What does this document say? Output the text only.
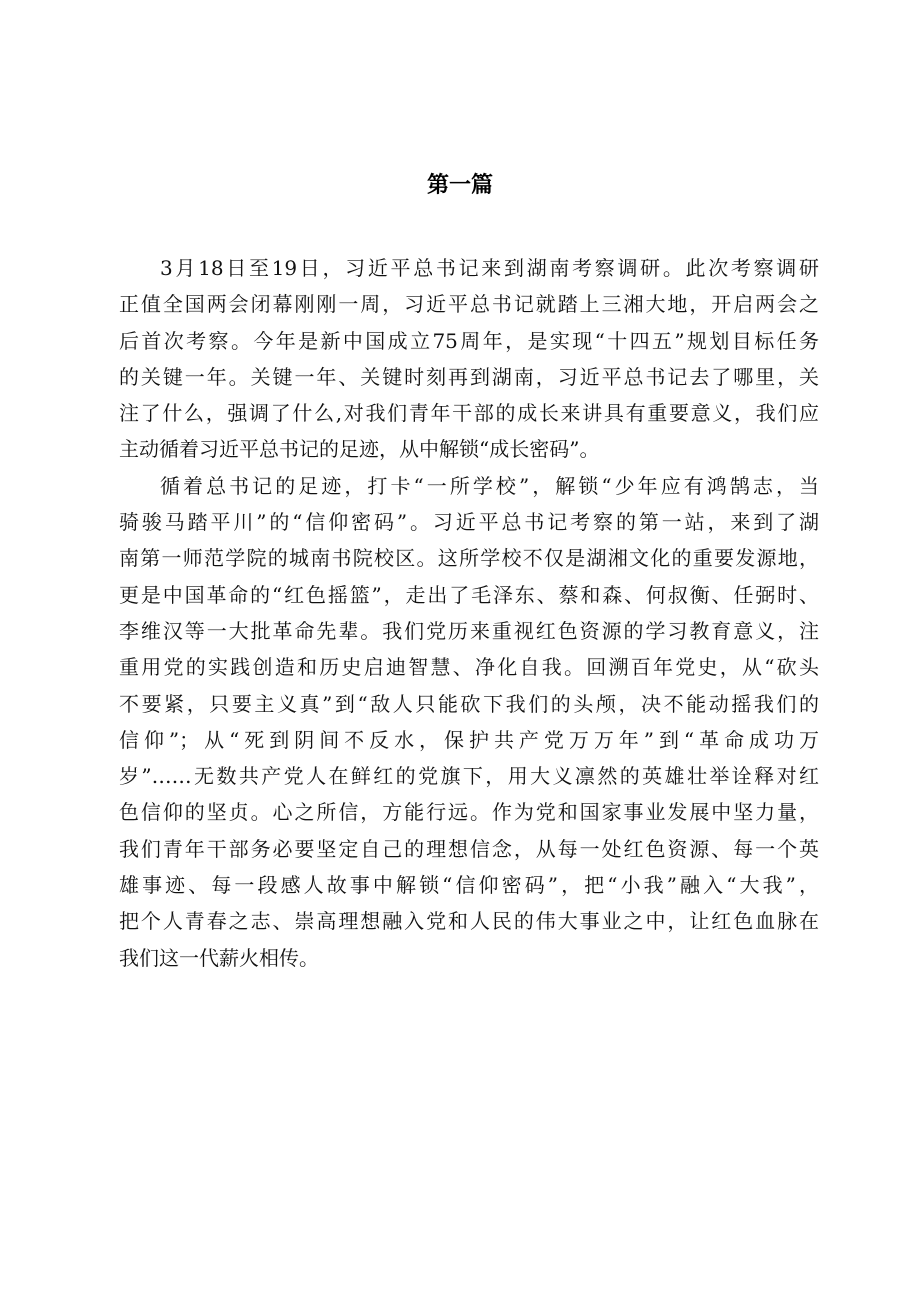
第一篇
3月18日至19日，习近平总书记来到湖南考察调研。此次考察调研
正值全国两会闭幕刚刚一周，习近平总书记就踏上三湘大地，开启两会之
后首次考察。今年是新中国成立75周年，是实现“十四五”规划目标任务
的关键一年。关键一年、关键时刻再到湖南，习近平总书记去了哪里，关
注了什么，强调了什么,对我们青年干部的成长来讲具有重要意义，我们应
主动循着习近平总书记的足迹，从中解锁“成长密码”。
循着总书记的足迹，打卡“一所学校”，解锁“少年应有鸿鹄志，当
骑骏马踏平川”的“信仰密码”。习近平总书记考察的第一站，来到了湖
南第一师范学院的城南书院校区。这所学校不仅是湖湘文化的重要发源地，
更是中国革命的“红色摇篮”，走出了毛泽东、蔡和森、何叔衡、任弼时、
李维汉等一大批革命先辈。我们党历来重视红色资源的学习教育意义，注
重用党的实践创造和历史启迪智慧、净化自我。回溯百年党史，从“砍头
不要紧，只要主义真”到“敌人只能砍下我们的头颅，决不能动摇我们的
信仰”；从“死到阴间不反水，保护共产党万万年”到“革命成功万
岁”……无数共产党人在鲜红的党旗下，用大义凛然的英雄壮举诠释对红
色信仰的坚贞。心之所信，方能行远。作为党和国家事业发展中坚力量，
我们青年干部务必要坚定自己的理想信念，从每一处红色资源、每一个英
雄事迹、每一段感人故事中解锁“信仰密码”，把“小我”融入“大我”，
把个人青春之志、崇高理想融入党和人民的伟大事业之中，让红色血脉在
我们这一代薪火相传。
